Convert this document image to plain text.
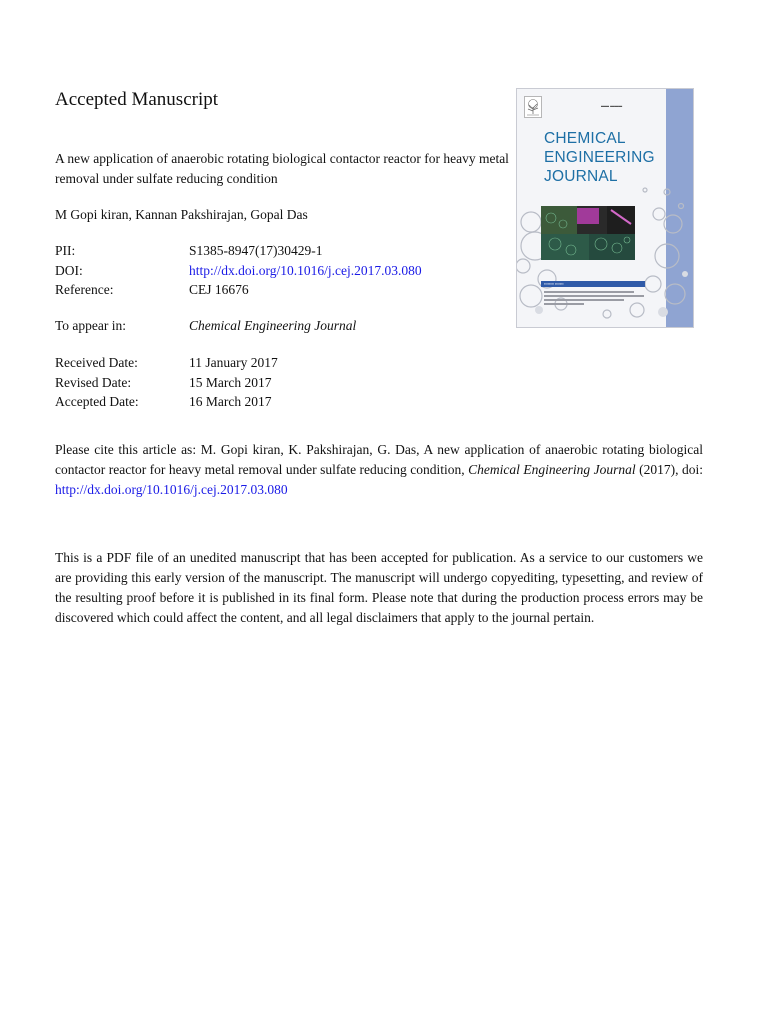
Accepted Manuscript
A new application of anaerobic rotating biological contactor reactor for heavy metal removal under sulfate reducing condition
M Gopi kiran, Kannan Pakshirajan, Gopal Das
PII:	S1385-8947(17)30429-1
DOI:	http://dx.doi.org/10.1016/j.cej.2017.03.080
Reference:	CEJ 16676
To appear in:	Chemical Engineering Journal
Received Date:	11 January 2017
Revised Date:	15 March 2017
Accepted Date:	16 March 2017
Please cite this article as: M. Gopi kiran, K. Pakshirajan, G. Das, A new application of anaerobic rotating biological contactor reactor for heavy metal removal under sulfate reducing condition, Chemical Engineering Journal (2017), doi: http://dx.doi.org/10.1016/j.cej.2017.03.080
This is a PDF file of an unedited manuscript that has been accepted for publication. As a service to our customers we are providing this early version of the manuscript. The manuscript will undergo copyediting, typesetting, and review of the resulting proof before it is published in its final form. Please note that during the production process errors may be discovered which could affect the content, and all legal disclaimers that apply to the journal pertain.
▬▬ ▬▬▬
CHEMICAL
ENGINEERING
JOURNAL
▪▪▪▪▪▪▪▪ ▪▪▪▪▪▪▪
